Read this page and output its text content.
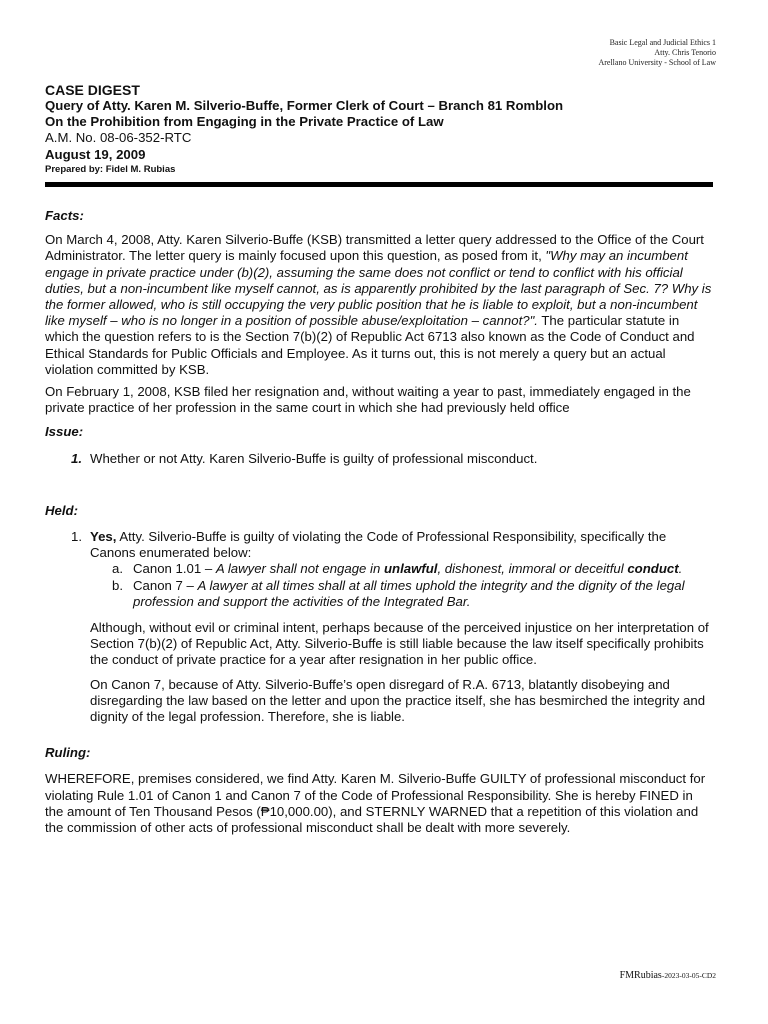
Basic Legal and Judicial Ethics 1
Atty. Chris Tenorio
Arellano University - School of Law
CASE DIGEST
Query of Atty. Karen M. Silverio-Buffe, Former Clerk of Court – Branch 81 Romblon
On the Prohibition from Engaging in the Private Practice of Law
A.M. No. 08-06-352-RTC
August 19, 2009
Prepared by: Fidel M. Rubias

Facts:

On March 4, 2008, Atty. Karen Silverio-Buffe (KSB) transmitted a letter query addressed to the Office of the Court Administrator. The letter query is mainly focused upon this question, as posed from it, "Why may an incumbent engage in private practice under (b)(2), assuming the same does not conflict or tend to conflict with his official duties, but a non-incumbent like myself cannot, as is apparently prohibited by the last paragraph of Sec. 7? Why is the former allowed, who is still occupying the very public position that he is liable to exploit, but a non-incumbent like myself – who is no longer in a position of possible abuse/exploitation – cannot?". The particular statute in which the question refers to is the Section 7(b)(2) of Republic Act 6713 also known as the Code of Conduct and Ethical Standards for Public Officials and Employee. As it turns out, this is not merely a query but an actual violation committed by KSB.

On February 1, 2008, KSB filed her resignation and, without waiting a year to past, immediately engaged in the private practice of her profession in the same court in which she had previously held office

Issue:

1. Whether or not Atty. Karen Silverio-Buffe is guilty of professional misconduct.

Held:

1. Yes, Atty. Silverio-Buffe is guilty of violating the Code of Professional Responsibility, specifically the Canons enumerated below:
a. Canon 1.01 – A lawyer shall not engage in unlawful, dishonest, immoral or deceitful conduct.
b. Canon 7 – A lawyer at all times shall at all times uphold the integrity and the dignity of the legal profession and support the activities of the Integrated Bar.

Although, without evil or criminal intent, perhaps because of the perceived injustice on her interpretation of Section 7(b)(2) of Republic Act, Atty. Silverio-Buffe is still liable because the law itself specifically prohibits the conduct of private practice for a year after resignation in her public office.

On Canon 7, because of Atty. Silverio-Buffe’s open disregard of R.A. 6713, blatantly disobeying and disregarding the law based on the letter and upon the practice itself, she has besmirched the integrity and dignity of the legal profession. Therefore, she is liable.

Ruling:

WHEREFORE, premises considered, we find Atty. Karen M. Silverio-Buffe GUILTY of professional misconduct for violating Rule 1.01 of Canon 1 and Canon 7 of the Code of Professional Responsibility. She is hereby FINED in the amount of Ten Thousand Pesos (₱10,000.00), and STERNLY WARNED that a repetition of this violation and the commission of other acts of professional misconduct shall be dealt with more severely.

FMRubias-2023-03-05-CD2
